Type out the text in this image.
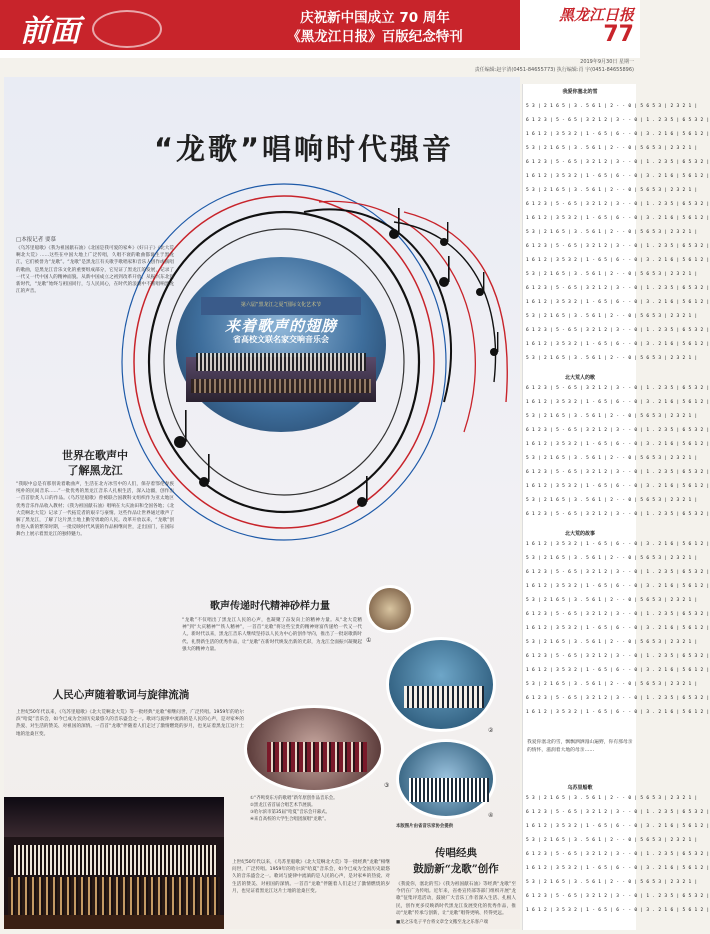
前面	庆祝新中国成立 70 周年
《黑龙江日报》百版纪念特刊
黑龙江日报
77
2019年9月30日 星期一
责任编辑:赵宇清(0451-84655773) 执行编辑:肖 宇(0451-84655896)
“龙歌”唱响时代强音
□本报记者 要慕
《乌苏里船歌》《我为祖国献石油》《北国是我可爱的家乡》《好日子》《北大荒啊北大荒》……这些在中国大地上广泛传唱，久唱不衰的歌曲都诞生于黑龙江，它们被誉为“龙歌”。“龙歌”是黑龙江有关歌手歌唱家和音乐人创作或演唱的歌曲，是黑龙江音乐文化的重要组成部分，它见证了黑龙江的发展，记录了一代又一代中国人的精神面貌。从新中国成立之初到改革开放，从振兴东北到新时代，“龙歌”始终与祖国同行，与人民同心，在时代的浪潮中不断唱响黑龙江的声音。
第六届“黑龙江之夏”国际文化艺术节
来着歌声的翅膀
省高校文联名家交响音乐会
世界在歌声中
了解黑龙江
“我眼中总是有那别说着歌曲声，生活在北方冰雪中的人们，保存着鄂伦春族纯朴的民间音乐……”一批优秀的黑龙江音乐人扎根生活，深入边疆，创作出一首首脍炙人口的作品。《乌苏里船歌》曾被联合国教科文组织作为亚太地区优秀音乐作品收入教材；《我为祖国献石油》唱响在大庆油田和全国各地；《北大荒啊北大荒》记录了一代拓荒者的艰辛与豪情。这些作品让世界通过歌声了解了黑龙江，了解了这片黑土地上勤劳勇敢的人民。改革开放以来，“龙歌”创作进入新的繁荣时期，一批反映时代风貌的作品相继问世，走出国门，在国际舞台上展示着黑龙江的独特魅力。
歌声传递时代精神砂样力量
“龙歌”不仅唱出了黑龙江人民的心声，也凝聚了奋发向上的精神力量。从“北大荒精神”到“大庆精神”“铁人精神”，一首首“龙歌”将这些宝贵的精神财富传递给一代又一代人。新时代以来，黑龙江音乐人继续坚持以人民为中心的创作导向，推出了一批讴歌新时代、礼赞新生活的优秀作品，让“龙歌”在新时代焕发出新的光彩，为龙江全面振兴凝聚起强大的精神力量。
人民心声随着歌词与旋律流淌
上世纪50年代以来，《乌苏里船歌》《北大荒啊北大荒》等一批经典“龙歌”相继问世，广泛传唱。1959年的哈尔滨“哈夏”音乐会，如今已成为全国历史最悠久的音乐盛会之一。歌词与旋律中流淌的是人民的心声，是对家乡的热爱、对生活的赞美、对祖国的深情。一首首“龙歌”伴随着人们走过了激情燃烧的岁月，也见证着黑龙江这片土地的沧桑巨变。
①
②
③
④
①“齐鸣奏东方的歌唱”新年原创作品音乐会。
②黑龙江省首届合唱艺术节展演。
③哈尔滨市第35届“哈夏”音乐会开幕式。
④来自高校的大学生合唱团演唱“龙歌”。
本版图片由省音乐家协会提供
传唱经典
鼓励新“龙歌”创作
上世纪50年代以来，《乌苏里船歌》《北大荒啊北大荒》等一批经典“龙歌”相继问世，广泛传唱。1959年的哈尔滨“哈夏”音乐会，如今已成为全国历史最悠久的音乐盛会之一。歌词与旋律中流淌的是人民的心声，是对家乡的热爱、对生活的赞美、对祖国的深情。一首首“龙歌”伴随着人们走过了激情燃烧的岁月，也见证着黑龙江这片土地的沧桑巨变。
《我爱你，塞北的雪》《我为祖国献石油》等经典“龙歌”至今仍在广为传唱。近年来，省委宣传部等部门组织开展“龙歌”征集评选活动，鼓励广大音乐工作者深入生活、扎根人民，创作更多反映新时代黑龙江发展变化的优秀作品，推动“龙歌”传承与创新，让“龙歌”唱得更响、传得更远。
■龙之乐电子平台将文章全文搬至龙之乐客户端
我爱你塞北的雪
5 3 | 2 1 6 5 | 3 . 5 6 1 | 2 - - 0 | 5 6 5 3 | 2 3 2 1 |
6 1 2 3 | 5 - 6 5 | 3 2 1 2 | 3 - - 0 | 1 . 2 3 5 | 6 5 3 2 |
1 6 1 2 | 3 5 3 2 | 1 - 6 5 | 6 - - 0 | 3 . 2 1 6 | 5 6 1 2 |
5 3 | 2 1 6 5 | 3 . 5 6 1 | 2 - - 0 | 5 6 5 3 | 2 3 2 1 |
6 1 2 3 | 5 - 6 5 | 3 2 1 2 | 3 - - 0 | 1 . 2 3 5 | 6 5 3 2 |
1 6 1 2 | 3 5 3 2 | 1 - 6 5 | 6 - - 0 | 3 . 2 1 6 | 5 6 1 2 |
5 3 | 2 1 6 5 | 3 . 5 6 1 | 2 - - 0 | 5 6 5 3 | 2 3 2 1 |
6 1 2 3 | 5 - 6 5 | 3 2 1 2 | 3 - - 0 | 1 . 2 3 5 | 6 5 3 2 |
1 6 1 2 | 3 5 3 2 | 1 - 6 5 | 6 - - 0 | 3 . 2 1 6 | 5 6 1 2 |
5 3 | 2 1 6 5 | 3 . 5 6 1 | 2 - - 0 | 5 6 5 3 | 2 3 2 1 |
6 1 2 3 | 5 - 6 5 | 3 2 1 2 | 3 - - 0 | 1 . 2 3 5 | 6 5 3 2 |
1 6 1 2 | 3 5 3 2 | 1 - 6 5 | 6 - - 0 | 3 . 2 1 6 | 5 6 1 2 |
5 3 | 2 1 6 5 | 3 . 5 6 1 | 2 - - 0 | 5 6 5 3 | 2 3 2 1 |
6 1 2 3 | 5 - 6 5 | 3 2 1 2 | 3 - - 0 | 1 . 2 3 5 | 6 5 3 2 |
1 6 1 2 | 3 5 3 2 | 1 - 6 5 | 6 - - 0 | 3 . 2 1 6 | 5 6 1 2 |
5 3 | 2 1 6 5 | 3 . 5 6 1 | 2 - - 0 | 5 6 5 3 | 2 3 2 1 |
6 1 2 3 | 5 - 6 5 | 3 2 1 2 | 3 - - 0 | 1 . 2 3 5 | 6 5 3 2 |
1 6 1 2 | 3 5 3 2 | 1 - 6 5 | 6 - - 0 | 3 . 2 1 6 | 5 6 1 2 |
5 3 | 2 1 6 5 | 3 . 5 6 1 | 2 - - 0 | 5 6 5 3 | 2 3 2 1 |
北大荒人的歌
6 1 2 3 | 5 - 6 5 | 3 2 1 2 | 3 - - 0 | 1 . 2 3 5 | 6 5 3 2 |
1 6 1 2 | 3 5 3 2 | 1 - 6 5 | 6 - - 0 | 3 . 2 1 6 | 5 6 1 2 |
5 3 | 2 1 6 5 | 3 . 5 6 1 | 2 - - 0 | 5 6 5 3 | 2 3 2 1 |
6 1 2 3 | 5 - 6 5 | 3 2 1 2 | 3 - - 0 | 1 . 2 3 5 | 6 5 3 2 |
1 6 1 2 | 3 5 3 2 | 1 - 6 5 | 6 - - 0 | 3 . 2 1 6 | 5 6 1 2 |
5 3 | 2 1 6 5 | 3 . 5 6 1 | 2 - - 0 | 5 6 5 3 | 2 3 2 1 |
6 1 2 3 | 5 - 6 5 | 3 2 1 2 | 3 - - 0 | 1 . 2 3 5 | 6 5 3 2 |
1 6 1 2 | 3 5 3 2 | 1 - 6 5 | 6 - - 0 | 3 . 2 1 6 | 5 6 1 2 |
5 3 | 2 1 6 5 | 3 . 5 6 1 | 2 - - 0 | 5 6 5 3 | 2 3 2 1 |
6 1 2 3 | 5 - 6 5 | 3 2 1 2 | 3 - - 0 | 1 . 2 3 5 | 6 5 3 2 |
北大荒的故事
1 6 1 2 | 3 5 3 2 | 1 - 6 5 | 6 - - 0 | 3 . 2 1 6 | 5 6 1 2 |
5 3 | 2 1 6 5 | 3 . 5 6 1 | 2 - - 0 | 5 6 5 3 | 2 3 2 1 |
6 1 2 3 | 5 - 6 5 | 3 2 1 2 | 3 - - 0 | 1 . 2 3 5 | 6 5 3 2 |
1 6 1 2 | 3 5 3 2 | 1 - 6 5 | 6 - - 0 | 3 . 2 1 6 | 5 6 1 2 |
5 3 | 2 1 6 5 | 3 . 5 6 1 | 2 - - 0 | 5 6 5 3 | 2 3 2 1 |
6 1 2 3 | 5 - 6 5 | 3 2 1 2 | 3 - - 0 | 1 . 2 3 5 | 6 5 3 2 |
1 6 1 2 | 3 5 3 2 | 1 - 6 5 | 6 - - 0 | 3 . 2 1 6 | 5 6 1 2 |
5 3 | 2 1 6 5 | 3 . 5 6 1 | 2 - - 0 | 5 6 5 3 | 2 3 2 1 |
6 1 2 3 | 5 - 6 5 | 3 2 1 2 | 3 - - 0 | 1 . 2 3 5 | 6 5 3 2 |
1 6 1 2 | 3 5 3 2 | 1 - 6 5 | 6 - - 0 | 3 . 2 1 6 | 5 6 1 2 |
5 3 | 2 1 6 5 | 3 . 5 6 1 | 2 - - 0 | 5 6 5 3 | 2 3 2 1 |
6 1 2 3 | 5 - 6 5 | 3 2 1 2 | 3 - - 0 | 1 . 2 3 5 | 6 5 3 2 |
1 6 1 2 | 3 5 3 2 | 1 - 6 5 | 6 - - 0 | 3 . 2 1 6 | 5 6 1 2 |
我爱你塞北的雪，飘飘洒洒漫山遍野，你有那母亲的情怀，滋润着大地的母亲……
乌苏里船歌
5 3 | 2 1 6 5 | 3 . 5 6 1 | 2 - - 0 | 5 6 5 3 | 2 3 2 1 |
6 1 2 3 | 5 - 6 5 | 3 2 1 2 | 3 - - 0 | 1 . 2 3 5 | 6 5 3 2 |
1 6 1 2 | 3 5 3 2 | 1 - 6 5 | 6 - - 0 | 3 . 2 1 6 | 5 6 1 2 |
5 3 | 2 1 6 5 | 3 . 5 6 1 | 2 - - 0 | 5 6 5 3 | 2 3 2 1 |
6 1 2 3 | 5 - 6 5 | 3 2 1 2 | 3 - - 0 | 1 . 2 3 5 | 6 5 3 2 |
1 6 1 2 | 3 5 3 2 | 1 - 6 5 | 6 - - 0 | 3 . 2 1 6 | 5 6 1 2 |
5 3 | 2 1 6 5 | 3 . 5 6 1 | 2 - - 0 | 5 6 5 3 | 2 3 2 1 |
6 1 2 3 | 5 - 6 5 | 3 2 1 2 | 3 - - 0 | 1 . 2 3 5 | 6 5 3 2 |
1 6 1 2 | 3 5 3 2 | 1 - 6 5 | 6 - - 0 | 3 . 2 1 6 | 5 6 1 2 |
